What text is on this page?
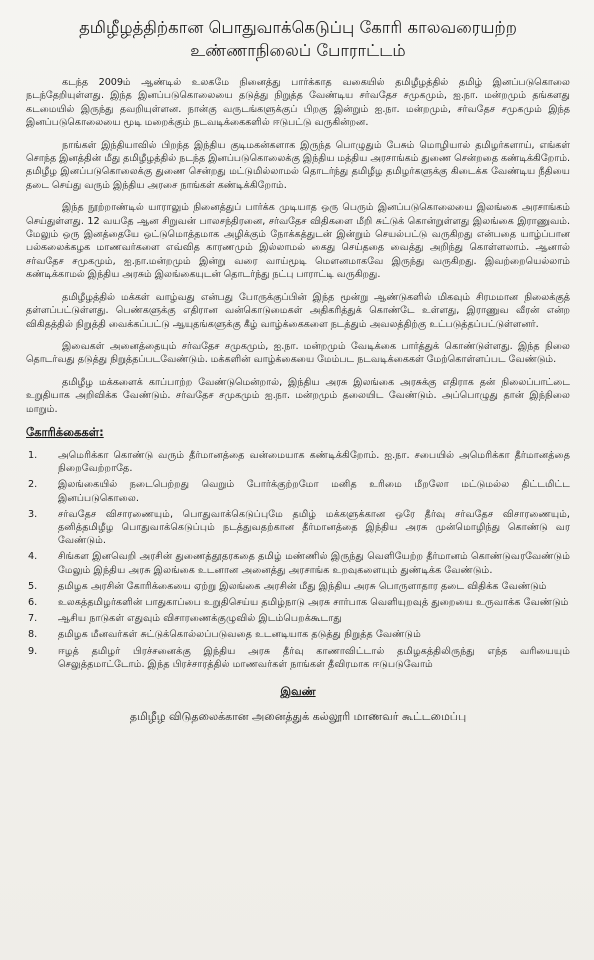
தமிழீழத்திற்கான பொதுவாக்கெடுப்பு கோரி காலவரையற்ற
உண்ணாநிலைப் போராட்டம்

கடந்த 2009ம் ஆண்டில் உலகமே நினைத்து பார்க்காத வகையில் தமிழீழத்தில் தமிழ் இனப்படுகொலை நடந்தேறியுள்ளது. இந்த இனப்படுகொலையை தடுத்து நிறுத்த வேண்டிய சர்வதேச சமுகமும், ஐ.நா. மன்றமும் தங்களது கடமையில் இருந்து தவறியுள்ளன. நான்கு வருடங்களுக்குப் பிறகு இன்றும் ஐ.நா. மன்றமும், சர்வதேச சமுகமும் இந்த இனப்படுகொலையை மூடி மறைக்கும் நடவடிக்கைகளில் ஈடுபட்டு வருகின்றன.

நாங்கள் இந்தியாவில் பிறந்த இந்திய குடிமகன்களாக இருந்த பொழுதும் பேசும் மொழியால் தமிழர்களாய், எங்கள் சொந்த இனத்தின் மீது தமிழீழத்தில் நடந்த இனப்படுகொலைக்கு இந்திய மத்திய அரசாங்கம் துணை சென்றதை கண்டிக்கிறோம். தமிழீழ இனப்படுகொலைக்கு துணை சென்றது மட்டுமில்லாமல் தொடர்ந்து தமிழீழ தமிழர்களுக்கு கிடைக்க வேண்டிய நீதியை தடை செய்து வரும் இந்திய அரசை நாங்கள் கண்டிக்கிறோம்.

இந்த நூற்றாண்டில் யாராலும் நினைத்துப் பார்க்க முடியாத ஒரு பெரும் இனப்படுகொலையை இலங்கை அரசாங்கம் செய்துள்ளது. 12 வயதே ஆன சிறுவன் பாலசந்திரனை, சர்வதேச விதிகளை மீறி சுட்டுக் கொன்றுள்ளது இலங்கை இராணுவம். மேலும் ஒரு இனத்தையே ஒட்டுமொத்தமாக அழிக்கும் நோக்கத்துடன் இன்றும் செயல்பட்டு வருகிறது என்பதை யாழ்ப்பான பல்கலைக்கழக மாணவர்களை எவ்வித காரணமும் இல்லாமல் கைது செய்ததை வைத்து அறிந்து கொள்ளலாம். ஆனால் சர்வதேச சமுகமும், ஐ.நா.மன்றமும் இன்று வரை வாய்மூடி மௌனமாகவே இருந்து வருகிறது. இவற்றையெல்லாம் கண்டிக்காமல் இந்திய அரசும் இலங்கையுடன் தொடர்ந்து நட்பு பாராட்டி வருகிறது.

தமிழீழத்தில் மக்கள் வாழ்வது என்பது போருக்குப்பின் இந்த மூன்று ஆண்டுகளில் மிகவும் சிரமமான நிலைக்குத் தள்ளப்பட்டுள்ளது. பெண்களுக்கு எதிரான வன்கொடுமைகள் அதிகரித்துக் கொண்டே உள்ளது, இராணுவ வீரன் என்ற விகிதத்தில் நிறுத்தி வைக்கப்பட்டு ஆயுதங்களுக்கு கீழ் வாழ்க்கைகளை நடத்தும் அவலத்திற்கு உட்படுத்தப்பட்டுள்ளனர்.

இவைகள் அனைத்தையும் சர்வதேச சமுகமும், ஐ.நா. மன்றமும் வேடிக்கை பார்த்துக் கொண்டுள்ளது. இந்த நிலை தொடர்வது தடுத்து நிறுத்தப்படவேண்டும். மக்களின் வாழ்க்கையை மேம்பட நடவடிக்கைகள் மேற்கொள்ளப்பட வேண்டும்.

தமிழீழ மக்களைக் காப்பாற்ற வேண்டுமென்றால், இந்திய அரசு இலங்கை அரசுக்கு எதிராக தன் நிலைப்பாட்டை உறுதியாக அறிவிக்க வேண்டும். சர்வதேச சமுகமும் ஐ.நா. மன்றமும் தலையிட வேண்டும். அப்பொழுது தான் இந்நிலை மாறும்.

கோரிக்கைகள்:
1.	அமெரிக்கா கொண்டு வரும் தீர்மானத்தை வன்மையாக கண்டிக்கிறோம். ஐ.நா. சபையில் அமெரிக்கா தீர்மானத்தை நிறைவேற்றாதே.
2.	இலங்கையில் நடைபெற்றது வெறும் போர்க்குற்றமோ மனித உரிமை மீறலோ மட்டுமல்ல திட்டமிட்ட இனப்படுகொலை.
3.	சர்வதேச விசாரணையும், பொதுவாக்கெடுப்புமே தமிழ் மக்களுக்கான ஒரே தீர்வு சர்வதேச விசாரணையும், தனித்தமிழீழ பொதுவாக்கெடுப்பும் நடத்துவதற்கான தீர்மானத்தை இந்திய அரசு முன்மொழிந்து கொண்டு வர வேண்டும்.
4.	சிங்கள இனவெறி அரசின் துணைத்தூதரகதை தமிழ் மண்ணில் இருந்து வெளியேற்ற தீர்மானம் கொண்டுவரவேண்டும் மேலும் இந்திய அரசு இலங்கை உடனான அனைத்து அரசாங்க உறவுகளையும் துண்டிக்க வேண்டும்.
5.	தமிழக அரசின் கோரிக்கையை ஏற்று இலங்கை அரசின் மீது இந்திய அரசு பொருளாதார தடை விதிக்க வேண்டும்
6.	உலகத்தமிழர்களின் பாதுகாப்பை உறுதிசெய்ய தமிழ்நாடு அரசு சார்பாக வெளியுறவுத் துறையை உருவாக்க வேண்டும்
7.	ஆசிய நாடுகள் எதுவும் விசாரணைக்குழுவில் இடம்பெறக்கூடாது
8.	தமிழக மீனவர்கள் சுட்டுக்கொல்லப்படுவதை உடனடியாக தடுத்து நிறுத்த வேண்டும்
9.	ஈழத் தமிழர் பிரச்சனைக்கு இந்திய அரசு தீர்வு காணாவிட்டால் தமிழகத்திலிருந்து எந்த வரியையும் செலுத்தமாட்டோம். இந்த பிரச்சாரத்தில் மாணவர்கள் நாங்கள் தீவிரமாக ஈடுபடுவோம்
இவண்
தமிழீழ விடுதலைக்கான அனைத்துக் கல்லூரி மாணவர் கூட்டமைப்பு
